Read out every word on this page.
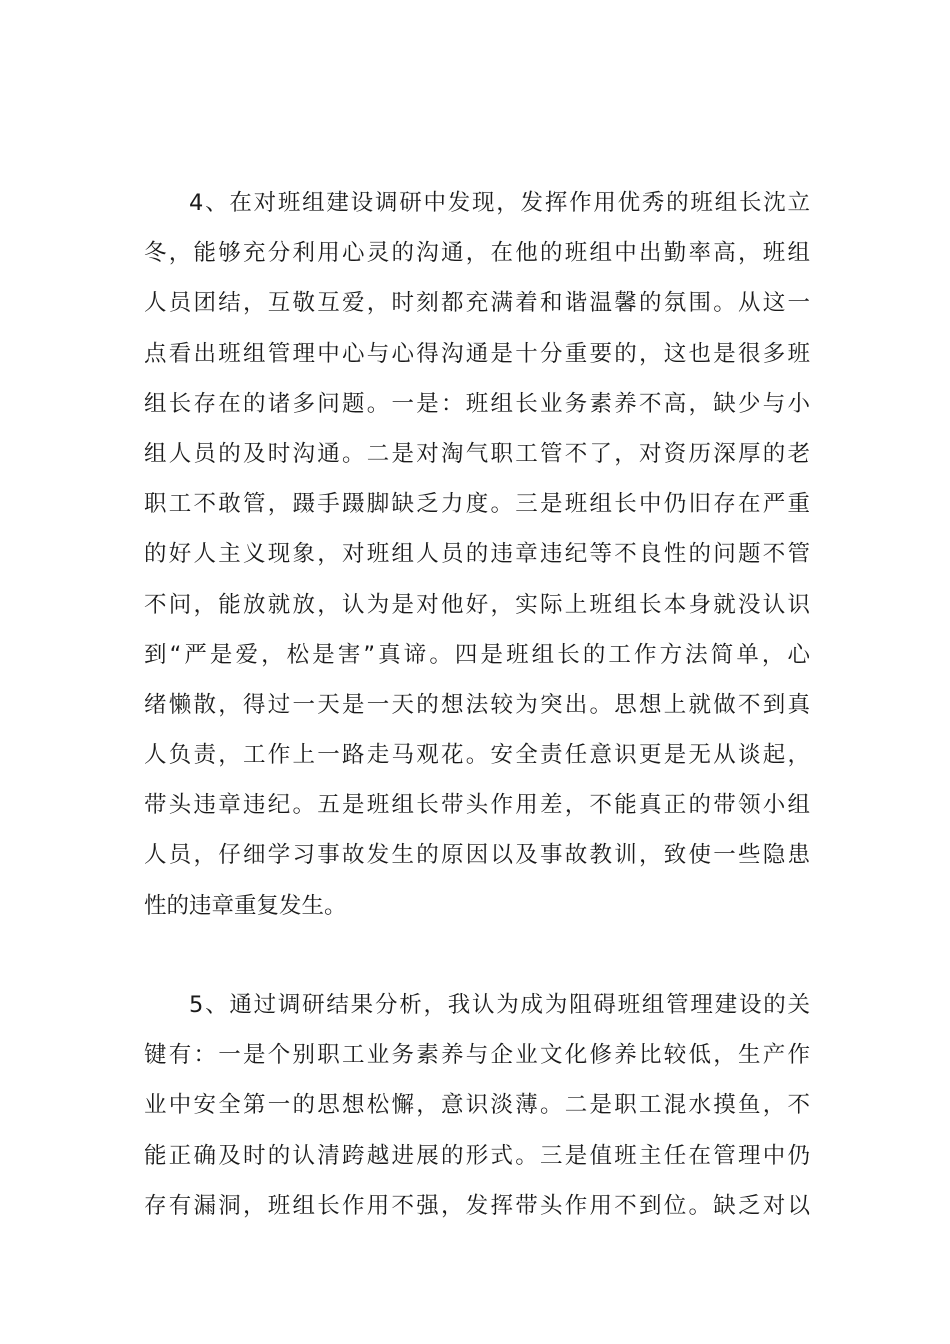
4、在对班组建设调研中发现，发挥作用优秀的班组长沈立
冬，能够充分利用心灵的沟通，在他的班组中出勤率高，班组
人员团结，互敬互爱，时刻都充满着和谐温馨的氛围。从这一
点看出班组管理中心与心得沟通是十分重要的，这也是很多班
组长存在的诸多问题。一是：班组长业务素养不高，缺少与小
组人员的及时沟通。二是对淘气职工管不了，对资历深厚的老
职工不敢管，蹑手蹑脚缺乏力度。三是班组长中仍旧存在严重
的好人主义现象，对班组人员的违章违纪等不良性的问题不管
不问，能放就放，认为是对他好，实际上班组长本身就没认识
到“严是爱，松是害”真谛。四是班组长的工作方法简单，心
绪懒散，得过一天是一天的想法较为突出。思想上就做不到真
人负责，工作上一路走马观花。安全责任意识更是无从谈起，
带头违章违纪。五是班组长带头作用差，不能真正的带领小组
人员，仔细学习事故发生的原因以及事故教训，致使一些隐患
性的违章重复发生。
5、通过调研结果分析，我认为成为阻碍班组管理建设的关
键有：一是个别职工业务素养与企业文化修养比较低，生产作
业中安全第一的思想松懈，意识淡薄。二是职工混水摸鱼，不
能正确及时的认清跨越进展的形式。三是值班主任在管理中仍
存有漏洞，班组长作用不强，发挥带头作用不到位。缺乏对以
